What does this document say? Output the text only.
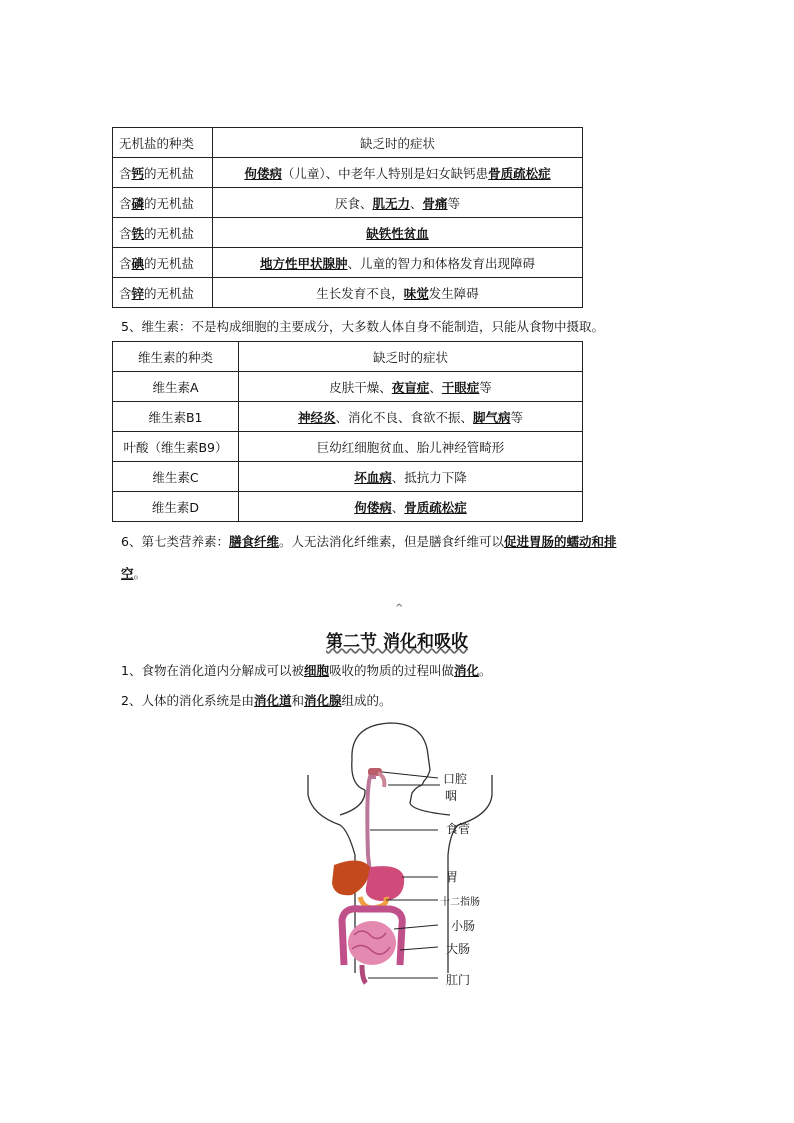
无机盐的种类	缺乏时的症状
含钙的无机盐	佝偻病（儿童）、中老年人特别是妇女缺钙患骨质疏松症
含磷的无机盐	厌食、肌无力、骨痛等
含铁的无机盐	缺铁性贫血
含碘的无机盐	地方性甲状腺肿、儿童的智力和体格发育出现障碍
含锌的无机盐	生长发育不良，味觉发生障碍
5、维生素：不是构成细胞的主要成分，大多数人体自身不能制造，只能从食物中摄取。
维生素的种类	缺乏时的症状
维生素A	皮肤干燥、夜盲症、干眼症等
维生素B1	神经炎、消化不良、食欲不振、脚气病等
叶酸（维生素B9）	巨幼红细胞贫血、胎儿神经管畸形
维生素C	坏血病、抵抗力下降
维生素D	佝偻病、骨质疏松症
6、第七类营养素：膳食纤维。人无法消化纤维素，但是膳食纤维可以促进胃肠的蠕动和排
空。
^
第二节 消化和吸收
1、食物在消化道内分解成可以被细胞吸收的物质的过程叫做消化。
2、人体的消化系统是由消化道和消化腺组成的。
口腔
咽
食管
胃
十二指肠
小肠
大肠
肛门
